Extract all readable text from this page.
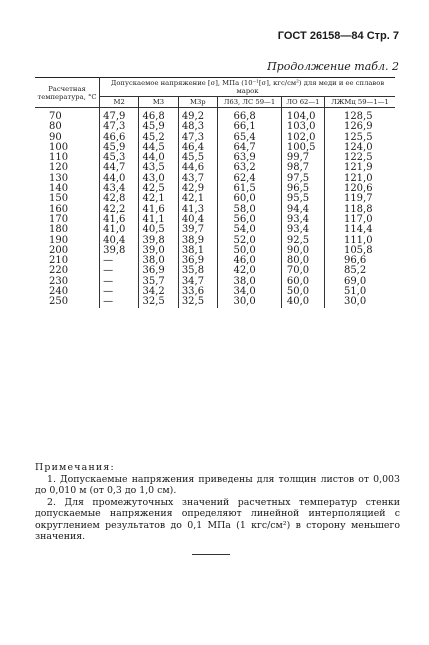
ГОСТ 26158—84 Стр. 7
Продолжение табл. 2
Расчетная температура, °С	Допускаемое напряжение [σ], МПа (10⁻¹[σ], кгс/см²) для меди и ее сплавов марок					
	М2	М3	М3р	Л63, ЛС 59—1	ЛО 62—1	ЛЖМц 59—1—1
70	47,9	46,8	49,2	66,8	104,0	128,5
80	47,3	45,9	48,3	66,1	103,0	126,9
90	46,6	45,2	47,3	65,4	102,0	125,5
100	45,9	44,5	46,4	64,7	100,5	124,0
110	45,3	44,0	45,5	63,9	99,7	122,5
120	44,7	43,5	44,6	63,2	98,7	121,9
130	44,0	43,0	43,7	62,4	97,5	121,0
140	43,4	42,5	42,9	61,5	96,5	120,6
150	42,8	42,1	42,1	60,0	95,5	119,7
160	42,2	41,6	41,3	58,0	94,4	118,8
170	41,6	41,1	40,4	56,0	93,4	117,0
180	41,0	40,5	39,7	54,0	93,4	114,4
190	40,4	39,8	38,9	52,0	92,5	111,0
200	39,8	39,0	38,1	50,0	90,0	105,8
210	—	38,0	36,9	46,0	80,0	96,6
220	—	36,9	35,8	42,0	70,0	85,2
230	—	35,7	34,7	38,0	60,0	69,0
240	—	34,2	33,6	34,0	50,0	51,0
250	—	32,5	32,5	30,0	40,0	30,0

Примечания:

1. Допускаемые напряжения приведены для толщин листов от 0,003 до 0,010 м (от 0,3 до 1,0 см).

2. Для промежуточных значений расчетных температур стенки допускаемые напряжения определяют линейной интерполяцией с округлением результатов до 0,1 МПа (1 кгс/см²) в сторону меньшего значения.
